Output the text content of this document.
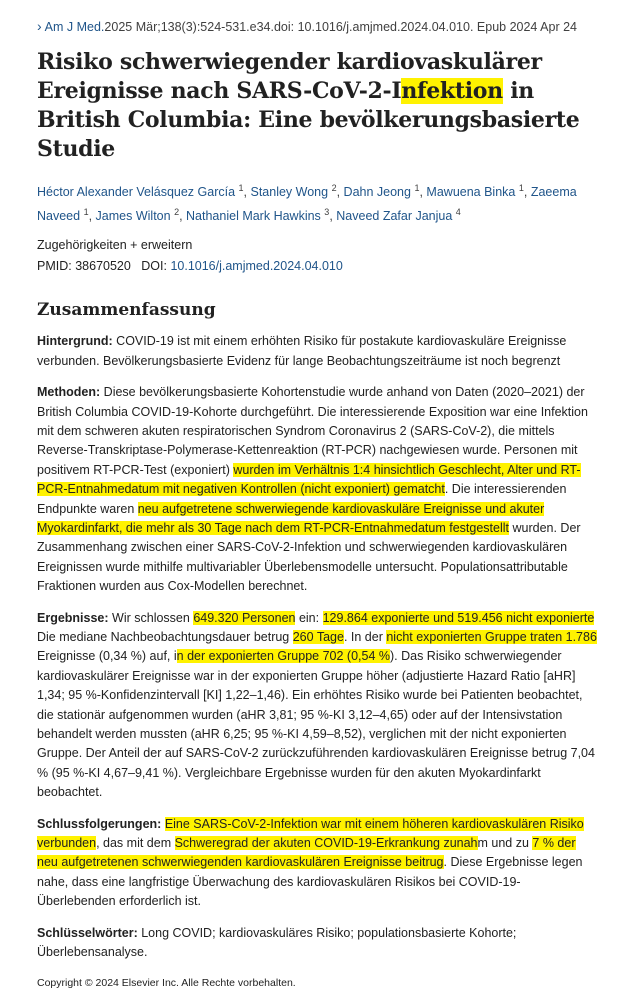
› Am J Med.2025 Mär;138(3):524-531.e34.doi: 10.1016/j.amjmed.2024.04.010. Epub 2024 Apr 24
Risiko schwerwiegender kardiovaskulärer Ereignisse nach SARS-CoV-2-Infektion in British Columbia: Eine bevölkerungsbasierte Studie
Héctor Alexander Velásquez García $^1$, Stanley Wong $^2$, Dahn Jeong $^1$, Mawuena Binka $^1$, Zaeema Naveed $^1$, James Wilton $^2$, Nathaniel Mark Hawkins $^3$, Naveed Zafar Janjua $^4$
Zugehörigkeiten + erweitern
PMID: 38670520 DOI: 10.1016/j.amjmed.2024.04.010
Zusammenfassung
Hintergrund: COVID-19 ist mit einem erhöhten Risiko für postakute kardiovaskuläre Ereignisse verbunden. Bevölkerungsbasierte Evidenz für lange Beobachtungszeiträume ist noch begrenzt
Methoden: Diese bevölkerungsbasierte Kohortenstudie wurde anhand von Daten (2020–2021) der British Columbia COVID-19-Kohorte durchgeführt. Die interessierende Exposition war eine Infektion mit dem schweren akuten respiratorischen Syndrom Coronavirus 2 (SARS-CoV-2), die mittels Reverse-Transkriptase-Polymerase-Kettenreaktion (RT-PCR) nachgewiesen wurde. Personen mit positivem RT-PCR-Test (exponiert) wurden im Verhältnis 1:4 hinsichtlich Geschlecht, Alter und RT-PCR-Entnahmedatum mit negativen Kontrollen (nicht exponiert) gematcht. Die interessierenden Endpunkte waren neu aufgetretene schwerwiegende kardiovaskuläre Ereignisse und akuter Myokardinfarkt, die mehr als 30 Tage nach dem RT-PCR-Entnahmedatum festgestellt wurden. Der Zusammenhang zwischen einer SARS-CoV-2-Infektion und schwerwiegenden kardiovaskulären Ereignissen wurde mithilfe multivariabler Überlebensmodelle untersucht. Populationsattributable Fraktionen wurden aus Cox-Modellen berechnet.
Ergebnisse: Wir schlossen 649.320 Personen ein: 129.864 exponierte und 519.456 nicht exponierte Die mediane Nachbeobachtungsdauer betrug 260 Tage. In der nicht exponierten Gruppe traten 1.786 Ereignisse (0,34 %) auf, in der exponierten Gruppe 702 (0,54 %). Das Risiko schwerwiegender kardiovaskulärer Ereignisse war in der exponierten Gruppe höher (adjustierte Hazard Ratio [aHR] 1,34; 95 %-Konfidenzintervall [KI] 1,22–1,46). Ein erhöhtes Risiko wurde bei Patienten beobachtet, die stationär aufgenommen wurden (aHR 3,81; 95 %-KI 3,12–4,65) oder auf der Intensivstation behandelt werden mussten (aHR 6,25; 95 %-KI 4,59–8,52), verglichen mit der nicht exponierten Gruppe. Der Anteil der auf SARS-CoV-2 zurückzuführenden kardiovaskulären Ereignisse betrug 7,04 % (95 %-KI 4,67–9,41 %). Vergleichbare Ergebnisse wurden für den akuten Myokardinfarkt beobachtet.
Schlussfolgerungen: Eine SARS-CoV-2-Infektion war mit einem höheren kardiovaskulären Risiko verbunden, das mit dem Schweregrad der akuten COVID-19-Erkrankung zunahm und zu 7 % der neu aufgetretenen schwerwiegenden kardiovaskulären Ereignisse beitrug. Diese Ergebnisse legen nahe, dass eine langfristige Überwachung des kardiovaskulären Risikos bei COVID-19-Überlebenden erforderlich ist.
Schlüsselwörter: Long COVID; kardiovaskuläres Risiko; populationsbasierte Kohorte; Überlebensanalyse.
Copyright © 2024 Elsevier Inc. Alle Rechte vorbehalten.
